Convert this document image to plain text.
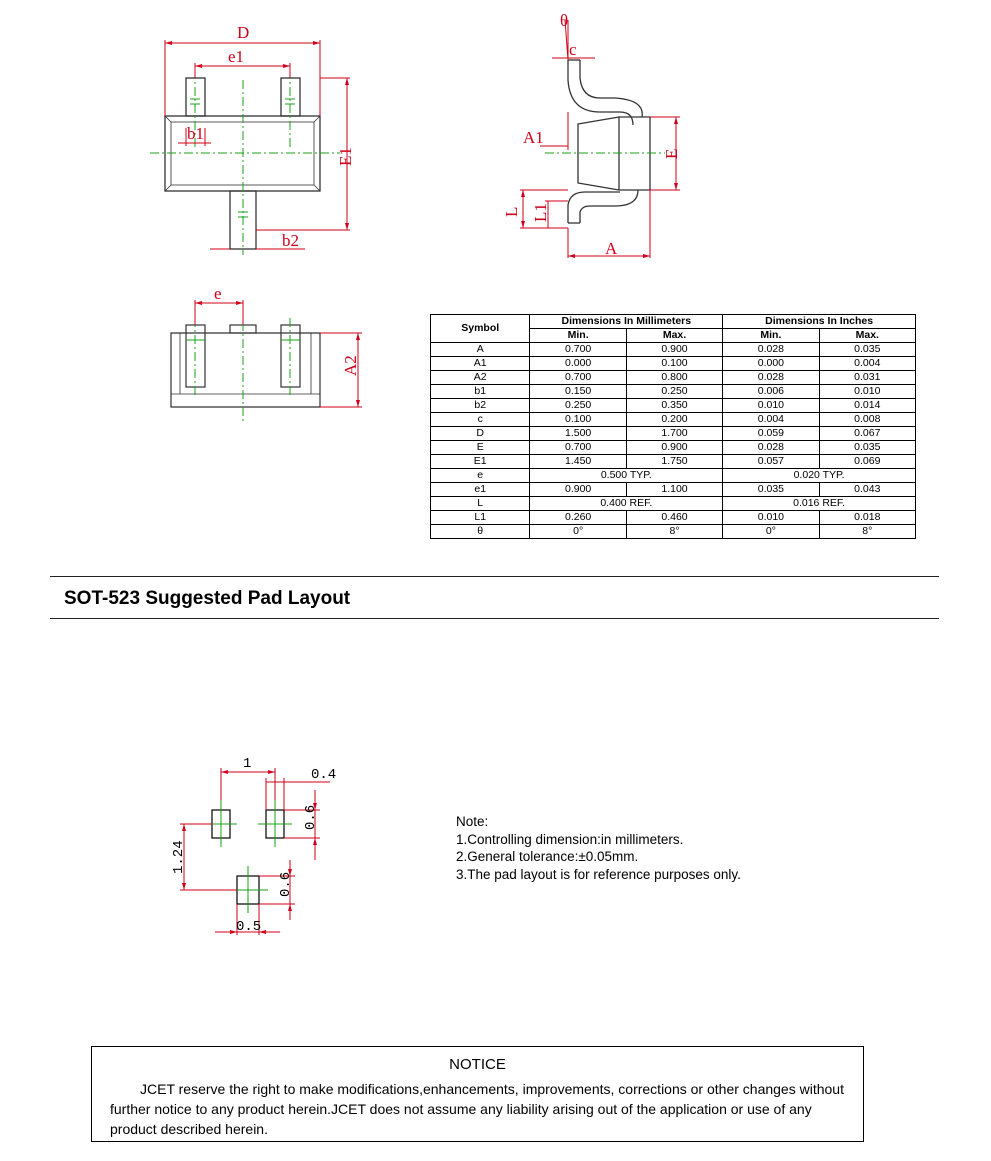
D
e1
b1
E1
b2
θ
c
A1
E
L L1
A
e
A2
Symbol	Dimensions In Millimeters		Dimensions In Inches	
	Min.	Max.	Min.	Max.
A	0.700	0.900	0.028	0.035
A1	0.000	0.100	0.000	0.004
A2	0.700	0.800	0.028	0.031
b1	0.150	0.250	0.006	0.010
b2	0.250	0.350	0.010	0.014
c	0.100	0.200	0.004	0.008
D	1.500	1.700	0.059	0.067
E	0.700	0.900	0.028	0.035
E1	1.450	1.750	0.057	0.069
e	0.500 TYP.		0.020 TYP.	
e1	0.900	1.100	0.035	0.043
L	0.400 REF.		0.016 REF.	
L1	0.260	0.460	0.010	0.018
θ	0°	8°	0°	8°
SOT-523 Suggested Pad Layout
1
0.4
0.6
1.24
0.6
0.5
Note:
1.Controlling dimension:in millimeters.
2.General tolerance:±0.05mm.
3.The pad layout is for reference purposes only.
NOTICE
JCET reserve the right to make modifications,enhancements, improvements, corrections or other changes without further notice to any product herein.JCET does not assume any liability arising out of the application or use of any product described herein.
